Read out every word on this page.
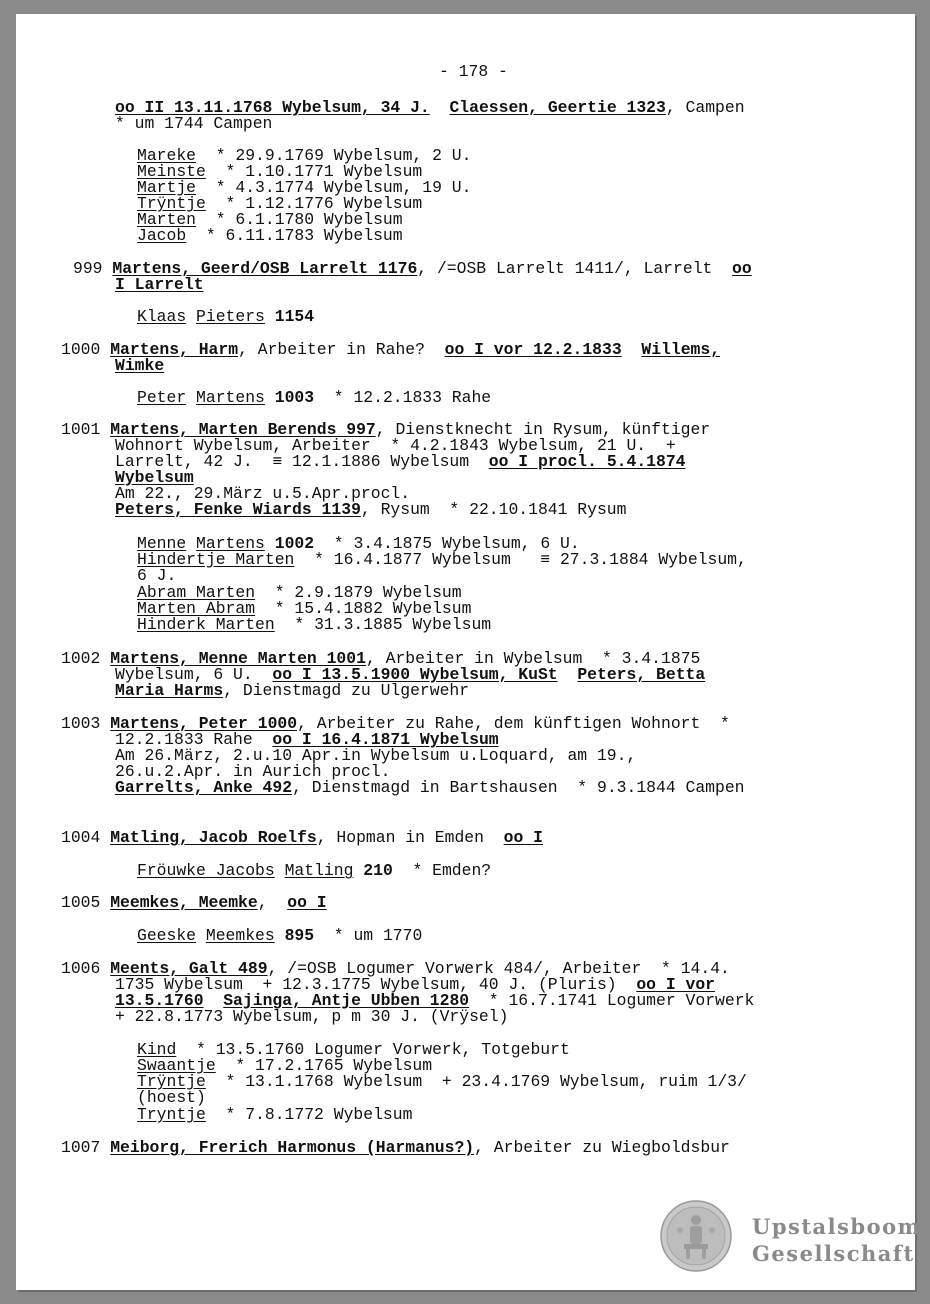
- 178 -
oo II 13.11.1768 Wybelsum, 34 J. Claessen, Geertie 1323, Campen
* um 1744 Campen
Mareke  * 29.9.1769 Wybelsum, 2 U.
Meinste  * 1.10.1771 Wybelsum
Martje  * 4.3.1774 Wybelsum, 19 U.
Trÿntje  * 1.12.1776 Wybelsum
Marten  * 6.1.1780 Wybelsum
Jacob  * 6.11.1783 Wybelsum
999 Martens, Geerd/OSB Larrelt 1176, /=OSB Larrelt 1411/, Larrelt  oo
I Larrelt
Klaas Pieters 1154
1000 Martens, Harm, Arbeiter in Rahe?  oo I vor 12.2.1833 Willems,
Wimke
Peter Martens 1003  * 12.2.1833 Rahe
1001 Martens, Marten Berends 997, Dienstknecht in Rysum, künftiger
Wohnort Wybelsum, Arbeiter  * 4.2.1843 Wybelsum, 21 U.  +
Larrelt, 42 J.  ≡ 12.1.1886 Wybelsum  oo I procl. 5.4.1874
Wybelsum
Am 22., 29.März u.5.Apr.procl.
Peters, Fenke Wiards 1139, Rysum  * 22.10.1841 Rysum
Menne Martens 1002  * 3.4.1875 Wybelsum, 6 U.
Hindertje Marten  * 16.4.1877 Wybelsum   ≡ 27.3.1884 Wybelsum,
6 J.
Abram Marten  * 2.9.1879 Wybelsum
Marten Abram  * 15.4.1882 Wybelsum
Hinderk Marten  * 31.3.1885 Wybelsum
1002 Martens, Menne Marten 1001, Arbeiter in Wybelsum  * 3.4.1875
Wybelsum, 6 U.  oo I 13.5.1900 Wybelsum, KuSt Peters, Betta
Maria Harms, Dienstmagd zu Ulgerwehr
1003 Martens, Peter 1000, Arbeiter zu Rahe, dem künftigen Wohnort  *
12.2.1833 Rahe  oo I 16.4.1871 Wybelsum
Am 26.März, 2.u.10 Apr.in Wybelsum u.Loquard, am 19.,
26.u.2.Apr. in Aurich procl.
Garrelts, Anke 492, Dienstmagd in Bartshausen  * 9.3.1844 Campen
1004 Matling, Jacob Roelfs, Hopman in Emden  oo I
Fröuwke Jacobs Matling 210  * Emden?
1005 Meemkes, Meemke,  oo I
Geeske Meemkes 895  * um 1770
1006 Meents, Galt 489, /=OSB Logumer Vorwerk 484/, Arbeiter  * 14.4.
1735 Wybelsum  + 12.3.1775 Wybelsum, 40 J. (Pluris)  oo I vor
13.5.1760 Sajinga, Antje Ubben 1280  * 16.7.1741 Logumer Vorwerk
+ 22.8.1773 Wybelsum, p m 30 J. (Vrÿsel)
Kind  * 13.5.1760 Logumer Vorwerk, Totgeburt
Swaantje  * 17.2.1765 Wybelsum
Trÿntje  * 13.1.1768 Wybelsum  + 23.4.1769 Wybelsum, ruim 1/3/
(hoest)
Tryntje  * 7.8.1772 Wybelsum
1007 Meiborg, Frerich Harmonus (Harmanus?), Arbeiter zu Wiegboldsbur
Upstalsboom
Gesellschaft
